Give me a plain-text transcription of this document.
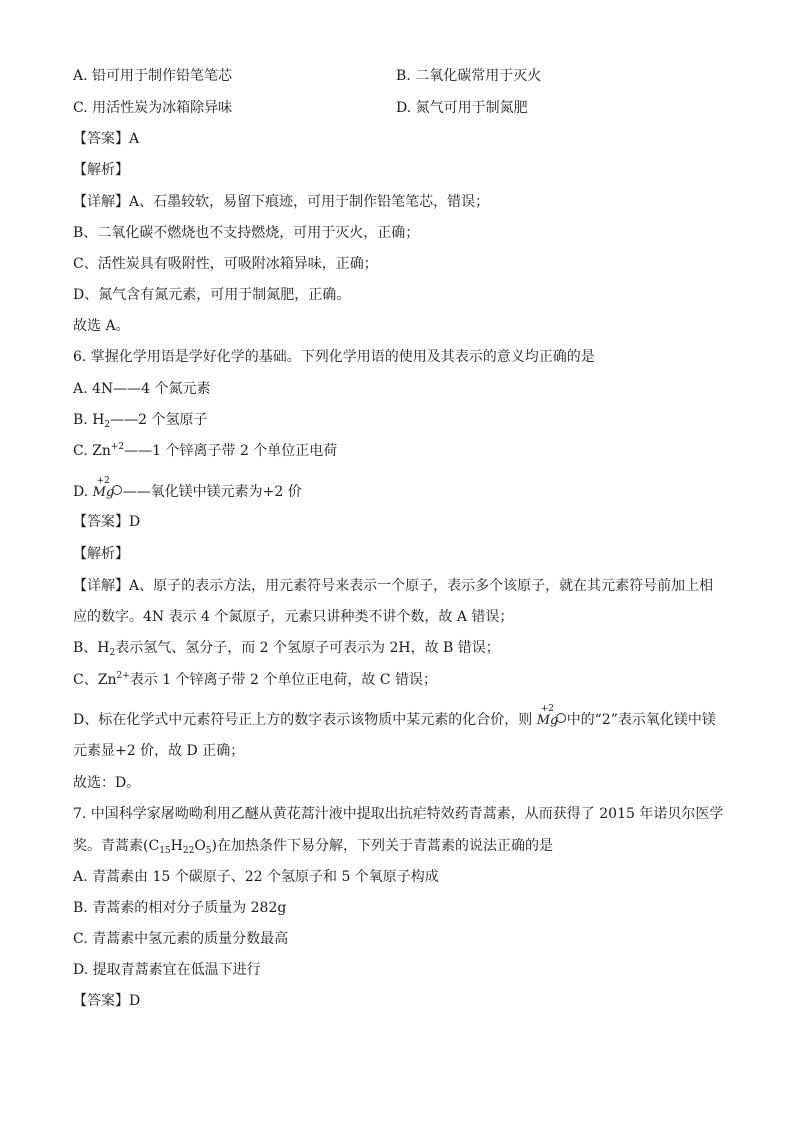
A. 铅可用于制作铅笔笔芯	B. 二氧化碳常用于灭火
C. 用活性炭为冰箱除异味	D. 氮气可用于制氮肥
【答案】A
【解析】
【详解】A、石墨较软，易留下痕迹，可用于制作铅笔笔芯，错误；
B、二氧化碳不燃烧也不支持燃烧，可用于灭火，正确；
C、活性炭具有吸附性，可吸附冰箱异味，正确；
D、氮气含有氮元素，可用于制氮肥，正确。
故选 A。
6. 掌握化学用语是学好化学的基础。下列化学用语的使用及其表示的意义均正确的是
A. 4N——4 个氮元素
B. $H_2——2$ 个氢原子
C. $Zn^{+2}——1$ 个锌离子带 2 个单位正电荷
D.
+2
Mg ——氧化镁中镁元素为+2 价
【答案】D
【解析】
【详解】A、原子的表示方法，用元素符号来表示一个原子，表示多个该原子，就在其元素符号前加上相
应的数字。4N 表示 4 个氮原子，元素只讲种类不讲个数，故 A 错误；
B、$H_2$表示氢气、氢分子，而 2 个氢原子可表示为 2H，故 B 错误；
C、$Zn^{2+}$表示 1 个锌离子带 2 个单位正电荷，故 C 错误；
D、标在化学式中元素符号正上方的数字表示该物质中某元素的化合价，则
+2
Mg 中的“2”表示氧化镁中镁
元素显+2 价，故 D 正确；
故选：D。
7. 中国科学家屠呦呦利用乙醚从黄花蒿汁液中提取出抗疟特效药青蒿素，从而获得了 2015 年诺贝尔医学
奖。青蒿素$(C_{15}H_{22}O_5)$在加热条件下易分解，下列关于青蒿素的说法正确的是
A. 青蒿素由 15 个碳原子、22 个氢原子和 5 个氧原子构成
B. 青蒿素的相对分子质量为 282g
C. 青蒿素中氢元素的质量分数最高
D. 提取青蒿素宜在低温下进行
【答案】D
